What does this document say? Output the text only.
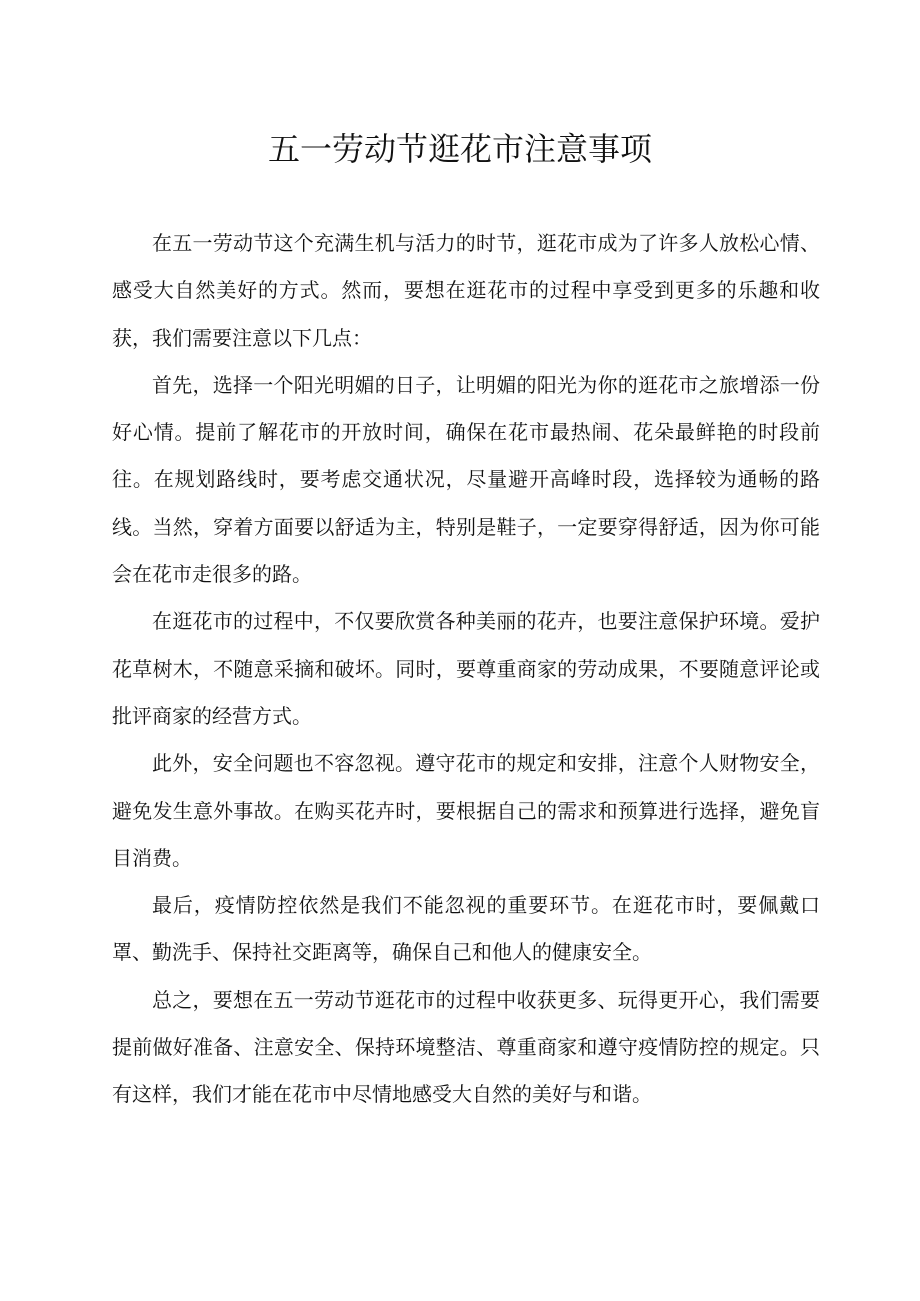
五一劳动节逛花市注意事项

在五一劳动节这个充满生机与活力的时节，逛花市成为了许多人放松心情、感受大自然美好的方式。然而，要想在逛花市的过程中享受到更多的乐趣和收获，我们需要注意以下几点：

首先，选择一个阳光明媚的日子，让明媚的阳光为你的逛花市之旅增添一份好心情。提前了解花市的开放时间，确保在花市最热闹、花朵最鲜艳的时段前往。在规划路线时，要考虑交通状况，尽量避开高峰时段，选择较为通畅的路线。当然，穿着方面要以舒适为主，特别是鞋子，一定要穿得舒适，因为你可能会在花市走很多的路。

在逛花市的过程中，不仅要欣赏各种美丽的花卉，也要注意保护环境。爱护花草树木，不随意采摘和破坏。同时，要尊重商家的劳动成果，不要随意评论或批评商家的经营方式。

此外，安全问题也不容忽视。遵守花市的规定和安排，注意个人财物安全，避免发生意外事故。在购买花卉时，要根据自己的需求和预算进行选择，避免盲目消费。

最后，疫情防控依然是我们不能忽视的重要环节。在逛花市时，要佩戴口罩、勤洗手、保持社交距离等，确保自己和他人的健康安全。

总之，要想在五一劳动节逛花市的过程中收获更多、玩得更开心，我们需要提前做好准备、注意安全、保持环境整洁、尊重商家和遵守疫情防控的规定。只有这样，我们才能在花市中尽情地感受大自然的美好与和谐。
